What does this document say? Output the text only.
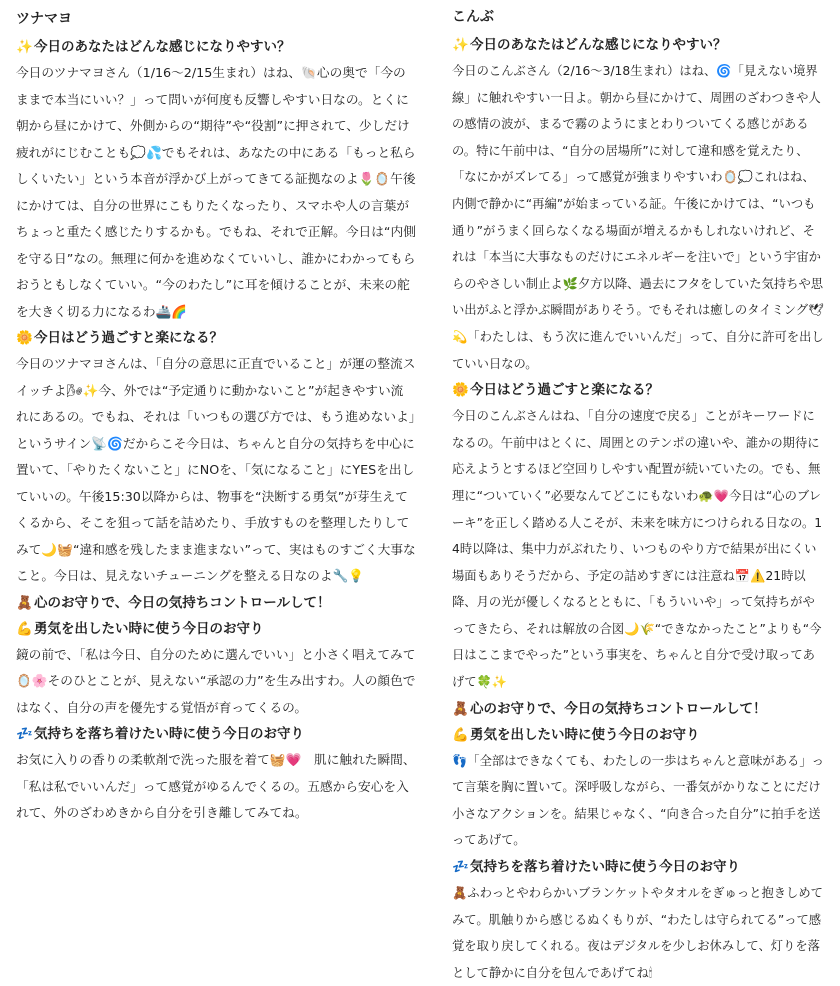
ツナマヨ

✨今日のあなたはどんな感じになりやすい？

今日のツナマヨさん（1/16〜2/15生まれ）はね、🐚心の奥で「今のままで本当にいい？」って問いが何度も反響しやすい日なの。とくに朝から昼にかけて、外側からの“期待”や“役割”に押されて、少しだけ疲れがにじむことも💭💦でもそれは、あなたの中にある「もっと私らしくいたい」という本音が浮かび上がってきてる証拠なのよ🌷🪞午後にかけては、自分の世界にこもりたくなったり、スマホや人の言葉がちょっと重たく感じたりするかも。でもね、それで正解。今日は“内側を守る日”なの。無理に何かを進めなくていいし、誰かにわかってもらおうともしなくていい。“今のわたし”に耳を傾けることが、未来の舵を大きく切る力になるわ🚢🌈

🌼今日はどう過ごすと楽になる？

今日のツナマヨさんは、「自分の意思に正直でいること」が運の整流スイッチよ🌬✨今、外では“予定通りに動かないこと”が起きやすい流れにあるの。でもね、それは「いつもの選び方では、もう進めないよ」というサイン📡🌀だからこそ今日は、ちゃんと自分の気持ちを中心に置いて、「やりたくないこと」にNOを、「気になること」にYESを出していいの。午後15:30以降からは、物事を“決断する勇気”が芽生えてくるから、そこを狙って話を詰めたり、手放すものを整理したりしてみて🌙🧺“違和感を残したまま進まない”って、実はものすごく大事なこと。今日は、見えないチューニングを整える日なのよ🔧💡

🧸心のお守りで、今日の気持ちコントロールして！

💪勇気を出したい時に使う今日のお守り

鏡の前で、「私は今日、自分のために選んでいい」と小さく唱えてみて🪞🌸そのひとことが、見えない“承認の力”を生み出すわ。人の顔色ではなく、自分の声を優先する覚悟が育ってくるの。

💤気持ちを落ち着けたい時に使う今日のお守り

お気に入りの香りの柔軟剤で洗った服を着て🧺💗　肌に触れた瞬間、「私は私でいいんだ」って感覚がゆるんでくるの。五感から安心を入れて、外のざわめきから自分を引き離してみてね。

こんぶ

✨今日のあなたはどんな感じになりやすい？

今日のこんぶさん（2/16〜3/18生まれ）はね、🌀「見えない境界線」に触れやすい一日よ。朝から昼にかけて、周囲のざわつきや人の感情の波が、まるで霧のようにまとわりついてくる感じがあるの。特に午前中は、“自分の居場所”に対して違和感を覚えたり、「なにかがズレてる」って感覚が強まりやすいわ🪞💭これはね、内側で静かに“再編”が始まっている証。午後にかけては、“いつも通り”がうまく回らなくなる場面が増えるかもしれないけれど、それは「本当に大事なものだけにエネルギーを注いで」という宇宙からのやさしい制止よ🌿夕方以降、過去にフタをしていた気持ちや思い出がふと浮かぶ瞬間がありそう。でもそれは癒しのタイミング🕊💫「わたしは、もう次に進んでいいんだ」って、自分に許可を出していい日なの。

🌼今日はどう過ごすと楽になる？

今日のこんぶさんはね、「自分の速度で戻る」ことがキーワードになるの。午前中はとくに、周囲とのテンポの違いや、誰かの期待に応えようとするほど空回りしやすい配置が続いていたの。でも、無理に“ついていく”必要なんてどこにもないわ🐢💗今日は“心のブレーキ”を正しく踏める人こそが、未来を味方につけられる日なの。14時以降は、集中力がぶれたり、いつものやり方で結果が出にくい場面もありそうだから、予定の詰めすぎには注意ね📅⚠️21時以降、月の光が優しくなるとともに、「もういいや」って気持ちがやってきたら、それは解放の合図🌙🌾“できなかったこと”よりも“今日はここまでやった”という事実を、ちゃんと自分で受け取ってあげて🍀✨

🧸心のお守りで、今日の気持ちコントロールして！

💪勇気を出したい時に使う今日のお守り

👣「全部はできなくても、わたしの一歩はちゃんと意味がある」って言葉を胸に置いて。深呼吸しながら、一番気がかりなことにだけ小さなアクションを。結果じゃなく、“向き合った自分”に拍手を送ってあげて。

💤気持ちを落ち着けたい時に使う今日のお守り

🧸ふわっとやわらかいブランケットやタオルをぎゅっと抱きしめてみて。肌触りから感じるぬくもりが、“わたしは守られてる”って感覚を取り戻してくれる。夜はデジタルを少しお休みして、灯りを落として静かに自分を包んであげてね🕯
